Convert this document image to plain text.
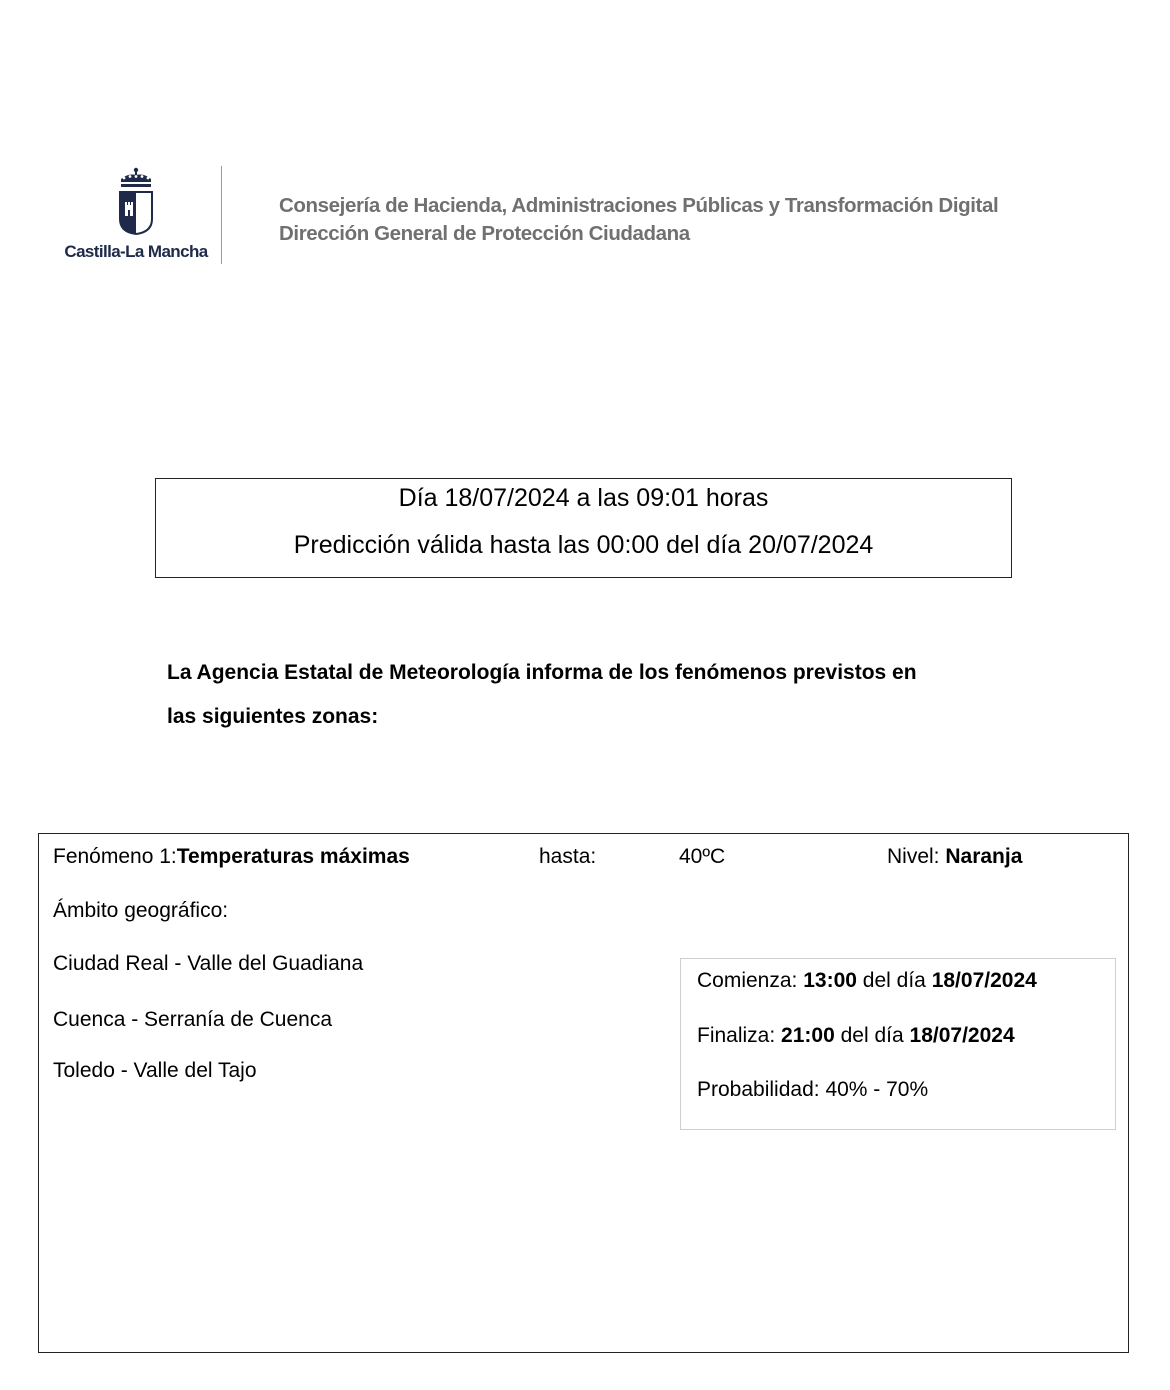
Castilla-La Mancha
Consejería de Hacienda, Administraciones Públicas y Transformación Digital
Dirección General de Protección Ciudadana
Día 18/07/2024 a las 09:01 horas
Predicción válida hasta las 00:00 del día 20/07/2024
La Agencia Estatal de Meteorología informa de los fenómenos previstos en
las siguientes zonas:
Fenómeno 1:Temperaturas máximas	hasta:	40ºC	Nivel: Naranja
Ámbito geográfico:
Ciudad Real - Valle del Guadiana
Cuenca - Serranía de Cuenca
Toledo - Valle del Tajo
Comienza: 13:00 del día 18/07/2024
Finaliza: 21:00 del día 18/07/2024
Probabilidad: 40% - 70%
